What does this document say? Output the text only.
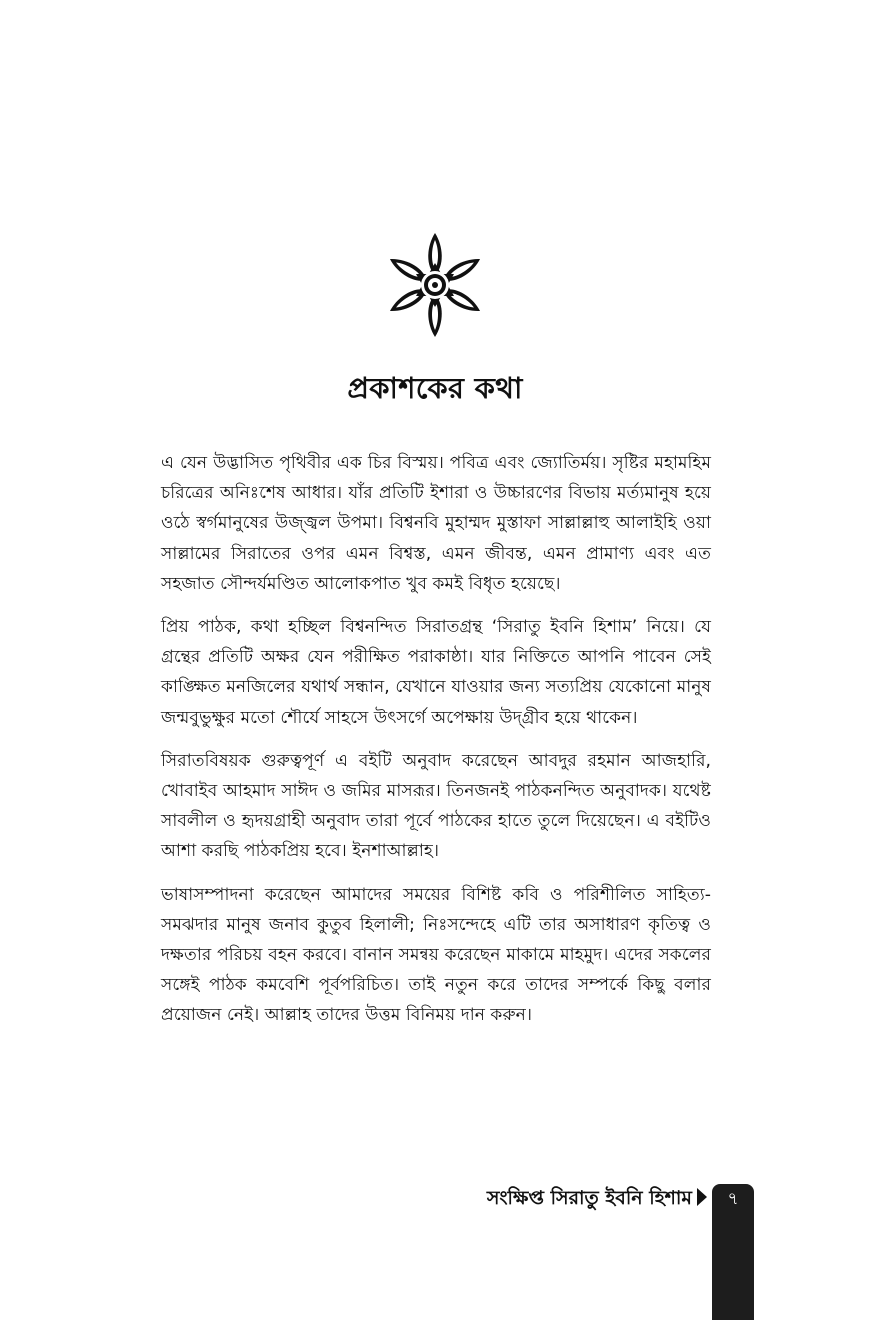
প্রকাশকের কথা

এ যেন উদ্ভাসিত পৃথিবীর এক চির বিস্ময়। পবিত্র এবং জ্যোতির্ময়। সৃষ্টির মহামহিম চরিত্রের অনিঃশেষ আধার। যাঁর প্রতিটি ইশারা ও উচ্চারণের বিভায় মর্ত্যমানুষ হয়ে ওঠে স্বর্গমানুষের উজ্জ্বল উপমা। বিশ্বনবি মুহাম্মদ মুস্তাফা সাল্লাল্লাহু আলাইহি ওয়া সাল্লামের সিরাতের ওপর এমন বিশ্বস্ত, এমন জীবন্ত, এমন প্রামাণ্য এবং এত সহজাত সৌন্দর্যমণ্ডিত আলোকপাত খুব কমই বিধৃত হয়েছে।

প্রিয় পাঠক, কথা হচ্ছিল বিশ্বনন্দিত সিরাতগ্রন্থ ‘সিরাতু ইবনি হিশাম’ নিয়ে। যে গ্রন্থের প্রতিটি অক্ষর যেন পরীক্ষিত পরাকাষ্ঠা। যার নিক্তিতে আপনি পাবেন সেই কাঙ্ক্ষিত মনজিলের যথার্থ সন্ধান, যেখানে যাওয়ার জন্য সত্যপ্রিয় যেকোনো মানুষ জন্মবুভুক্ষুর মতো শৌর্যে সাহসে উৎসর্গে অপেক্ষায় উদ্গ্রীব হয়ে থাকেন।

সিরাতবিষয়ক গুরুত্বপূর্ণ এ বইটি অনুবাদ করেছেন আবদুর রহমান আজহারি, খোবাইব আহমাদ সাঈদ ও জমির মাসরূর। তিনজনই পাঠকনন্দিত অনুবাদক। যথেষ্ট সাবলীল ও হৃদয়গ্রাহী অনুবাদ তারা পূর্বে পাঠকের হাতে তুলে দিয়েছেন। এ বইটিও আশা করছি পাঠকপ্রিয় হবে। ইনশাআল্লাহ।

ভাষাসম্পাদনা করেছেন আমাদের সময়ের বিশিষ্ট কবি ও পরিশীলিত সাহিত্য-সমঝদার মানুষ জনাব কুতুব হিলালী; নিঃসন্দেহে এটি তার অসাধারণ কৃতিত্ব ও দক্ষতার পরিচয় বহন করবে। বানান সমন্বয় করেছেন মাকামে মাহমুদ। এদের সকলের সঙ্গেই পাঠক কমবেশি পূর্বপরিচিত। তাই নতুন করে তাদের সম্পর্কে কিছু বলার প্রয়োজন নেই। আল্লাহ তাদের উত্তম বিনিময় দান করুন।

সংক্ষিপ্ত সিরাতু ইবনি হিশাম	৭
